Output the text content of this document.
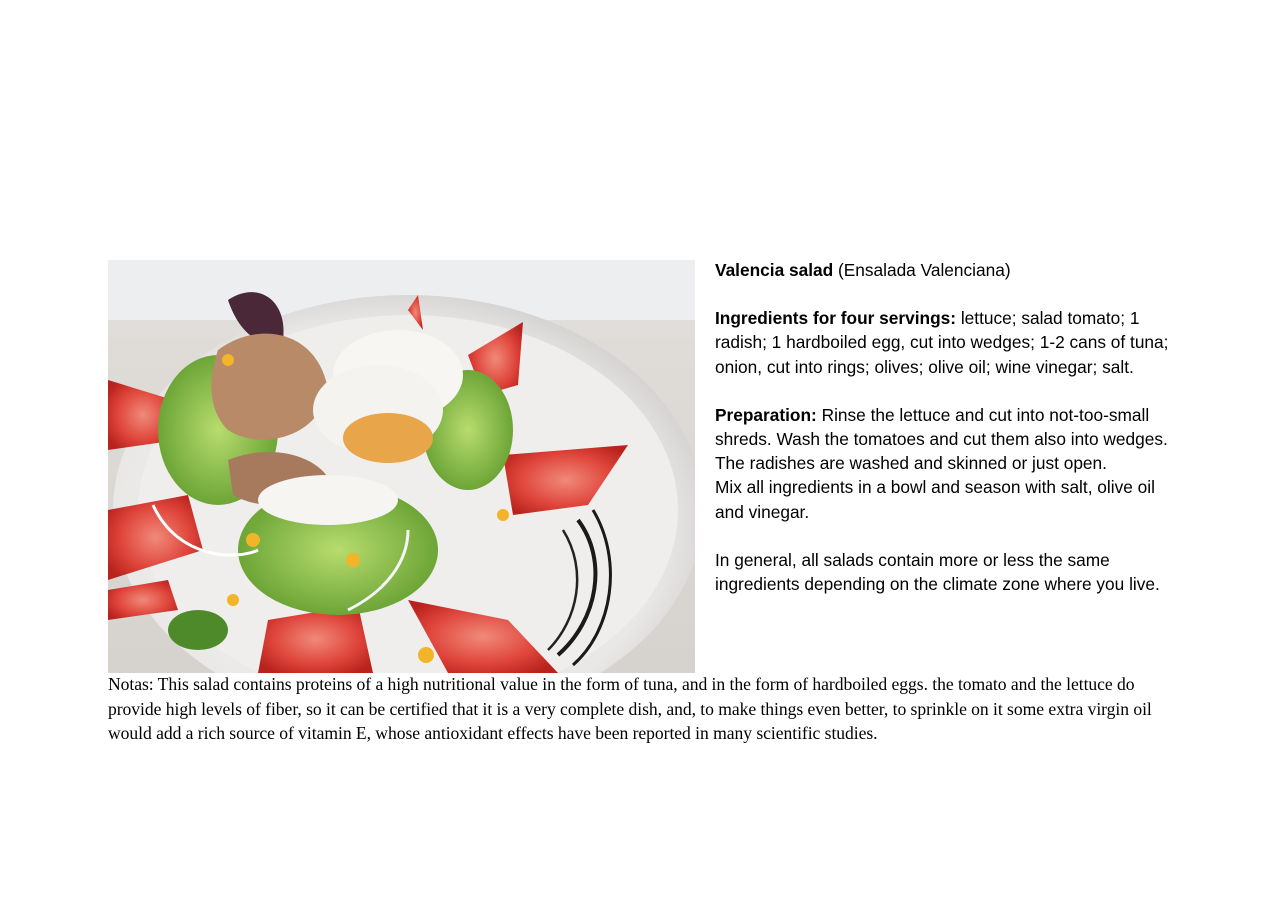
Valencia salad (Ensalada Valenciana)

Ingredients for four servings: lettuce; salad tomato; 1 radish; 1 hardboiled egg, cut into wedges; 1-2 cans of tuna; onion, cut into rings; olives; olive oil; wine vinegar; salt.

Preparation: Rinse the lettuce and cut into not-too-small shreds. Wash the tomatoes and cut them also into wedges.

The radishes are washed and skinned or just open.

Mix all ingredients in a bowl and season with salt, olive oil and vinegar.

In general, all salads contain more or less the same ingredients depending on the climate zone where you live.

Notas: This salad contains proteins of a high nutritional value in the form of tuna, and in the form of hardboiled eggs. the tomato and the lettuce do provide high levels of fiber, so it can be certified that it is a very complete dish, and, to make things even better, to sprinkle on it some extra virgin oil would add a rich source of vitamin E, whose antioxidant effects have been reported in many scientific studies.
